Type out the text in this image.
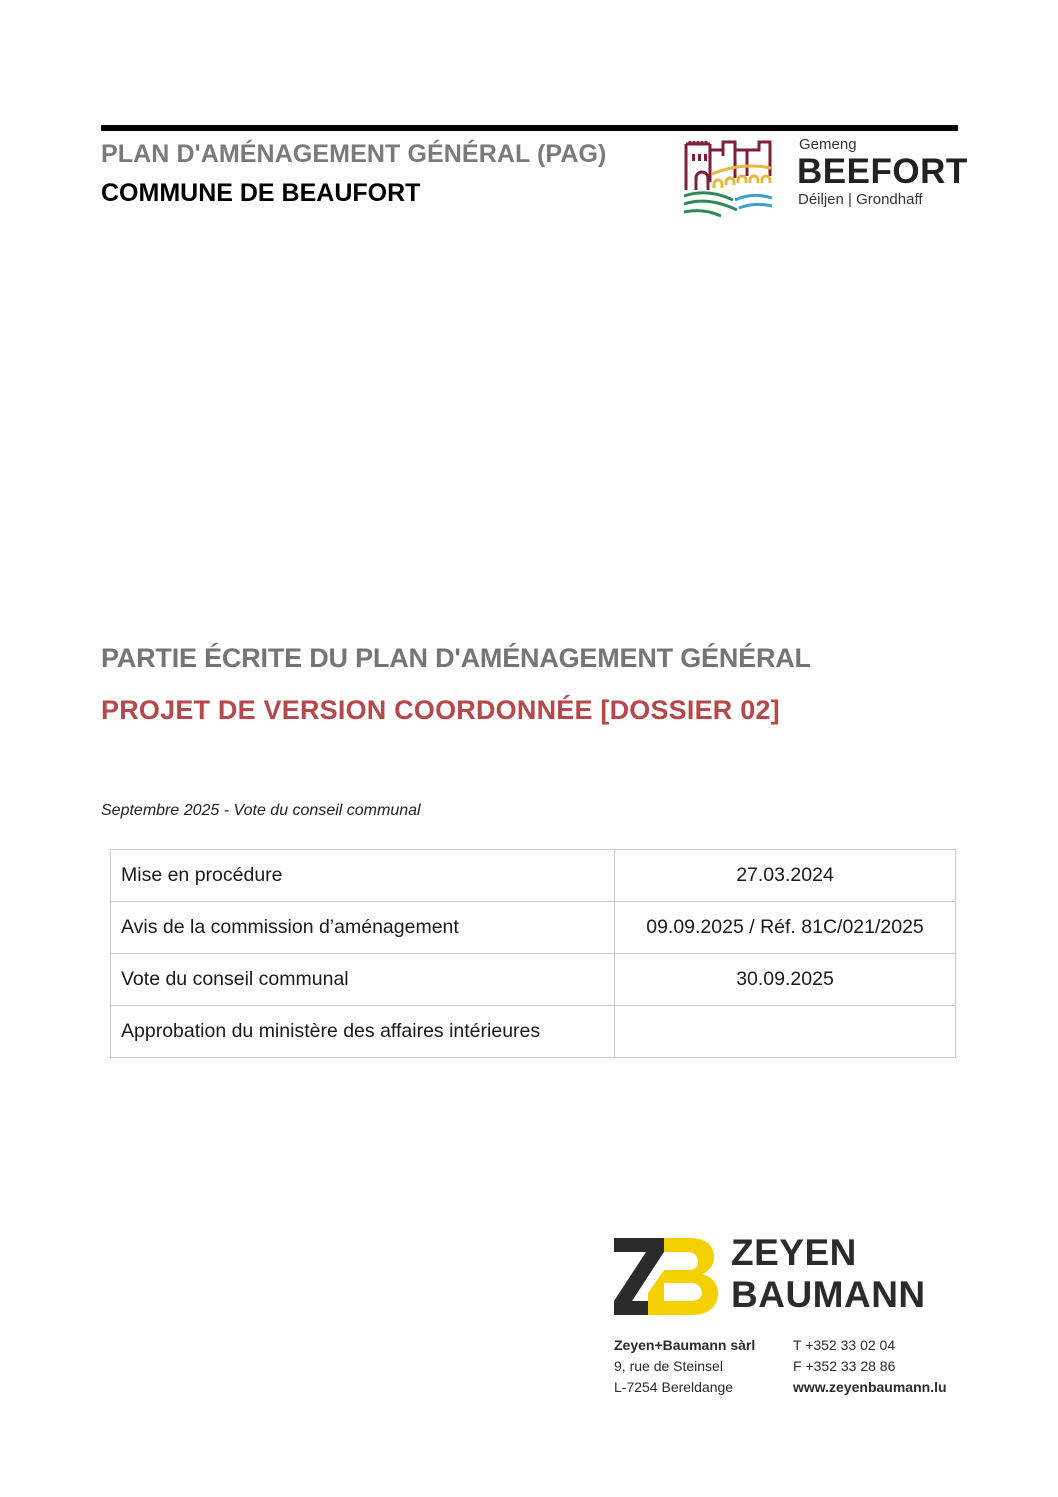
PLAN D'AMÉNAGEMENT GÉNÉRAL (PAG)
COMMUNE DE BEAUFORT
Gemeng
BEEFORT
Déiljen | Grondhaff
PARTIE ÉCRITE DU PLAN D'AMÉNAGEMENT GÉNÉRAL
PROJET DE VERSION COORDONNÉE [DOSSIER 02]
Septembre 2025 - Vote du conseil communal
Mise en procédure	27.03.2024
Avis de la commission d’aménagement	09.09.2025 / Réf. 81C/021/2025
Vote du conseil communal	30.09.2025
Approbation du ministère des affaires intérieures	
ZEYEN
BAUMANN
Zeyen+Baumann sàrl
9, rue de Steinsel
L-7254 Bereldange
T +352 33 02 04
F +352 33 28 86
www.zeyenbaumann.lu
